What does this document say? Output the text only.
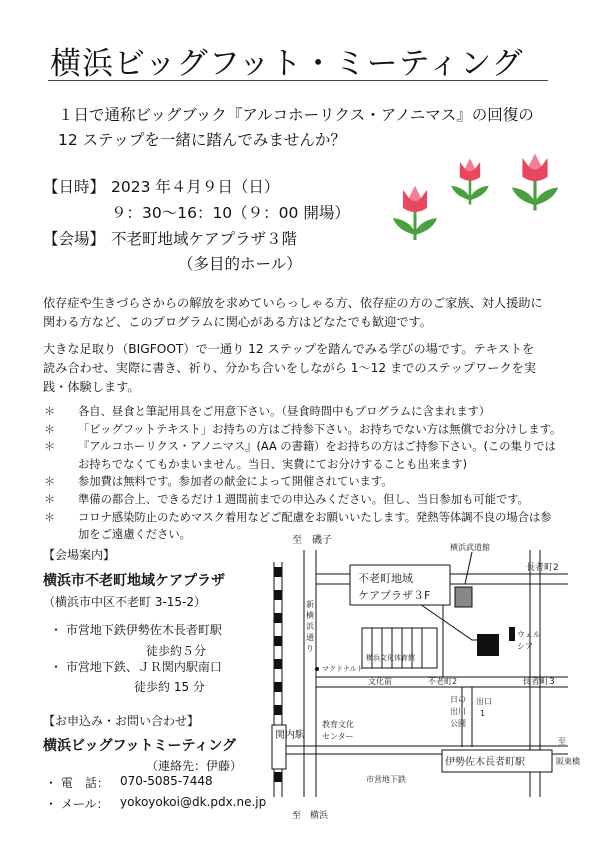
横浜ビッグフット・ミーティング
１日で通称ビッグブック『アルコホーリクス・アノニマス』の回復の
12 ステップを一緒に踏んでみませんか？
【日時】 2023 年４月９日（日）
９：30〜16：10（９：00 開場）
【会場】 不老町地域ケアプラザ３階
（多目的ホール）
依存症や生きづらさからの解放を求めていらっしゃる方、依存症の方のご家族、対人援助に
関わる方など、このプログラムに関心がある方はどなたでも歓迎です。
大きな足取り（BIGFOOT）で一通り 12 ステップを踏んでみる学びの場です。テキストを
読み合わせ、実際に書き、祈り、分かち合いをしながら 1〜12 までのステップワークを実
践・体験します。
＊	各自、昼食と筆記用具をご用意下さい。（昼食時間中もプログラムに含まれます）
＊	「ビッグフットテキスト」お持ちの方はご持参下さい。お持ちでない方は無償でお分けします。
＊	『アルコホーリクス・アノニマス』(AA の書籍）をお持ちの方はご持参下さい。(この集りでは
お持ちでなくてもかまいません。当日、実費にてお分けすることも出来ます)
＊	参加費は無料です。参加者の献金によって開催されています。
＊	準備の都合上、できるだけ１週間前までの申込みください。但し、当日参加も可能です。
＊	コロナ感染防止のためマスク着用などご配慮をお願いいたします。発熱等体調不良の場合は参
加をご遠慮ください。
【会場案内】
横浜市不老町地域ケアプラザ
（横浜市中区不老町 3-15-2）
・ 市営地下鉄伊勢佐木長者町駅
徒歩約５分
・ 市営地下鉄、ＪＲ関内駅南口
徒歩約 15 分
【お申込み・お問い合わせ】
横浜ビッグフットミーティング
（連絡先：伊藤）
・ 電　話： 070-5085-7448
・ メール： yokoyokoi@dk.pdx.ne.jp
関内駅
至　磯子
横浜武道館
長者町2
不老町地域
ケアプラザ３F
新
横
浜
通
り
横浜文化体育館
ウェル
シア
マクドナルド
文化前	不老町2	長者町3
日の
出川
公園
出口
1
教育文化
センター
市営地下鉄
伊勢佐木長者町駅
至
阪東橋
至　横浜
